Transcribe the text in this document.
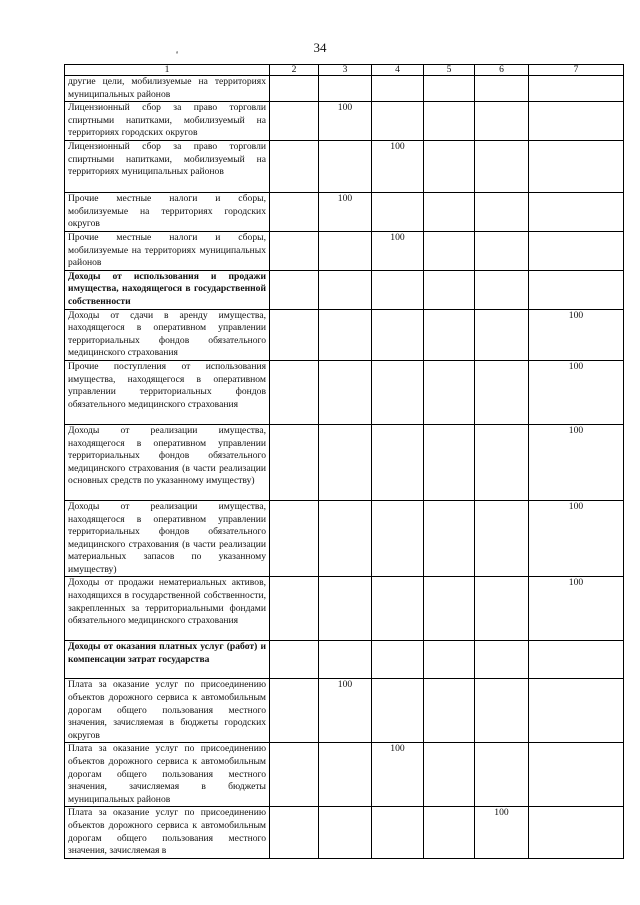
34
ª
1	2	3	4	5	6	7
другие цели, мобилизуемые на территориях муниципальных районов						
Лицензионный сбор за право торговли спиртными напитками, мобилизуемый на территориях городских округов		100				
Лицензионный сбор за право торговли спиртными напитками, мобилизуемый на территориях муниципальных районов			100			
Прочие местные налоги и сборы, мобилизуемые на территориях городских округов		100				
Прочие местные налоги и сборы, мобилизуемые на территориях муниципальных районов			100			
Доходы от использования и продажи имущества, находящегося в государственной собственности						
Доходы от сдачи в аренду имущества, находящегося в оперативном управлении территориальных фондов обязательного медицинского страхования						100
Прочие поступления от использования имущества, находящегося в оперативном управлении территориальных фондов обязательного медицинского страхования						100
Доходы от реализации имущества, находящегося в оперативном управлении территориальных фондов обязательного медицинского страхования (в части реализации основных средств по указанному имуществу)						100
Доходы от реализации имущества, находящегося в оперативном управлении территориальных фондов обязательного медицинского страхования (в части реализации материальных запасов по указанному имуществу)						100
Доходы от продажи нематериальных активов, находящихся в государственной собственности, закрепленных за территориальными фондами обязательного медицинского страхования						100
Доходы от оказания платных услуг (работ) и компенсации затрат государства						
Плата за оказание услуг по присоединению объектов дорожного сервиса к автомобильным дорогам общего пользования местного значения, зачисляемая в бюджеты городских округов		100				
Плата за оказание услуг по присоединению объектов дорожного сервиса к автомобильным дорогам общего пользования местного значения, зачисляемая в бюджеты муниципальных районов			100			
Плата за оказание услуг по присоединению объектов дорожного сервиса к автомобильным дорогам общего пользования местного значения, зачисляемая в					100	
